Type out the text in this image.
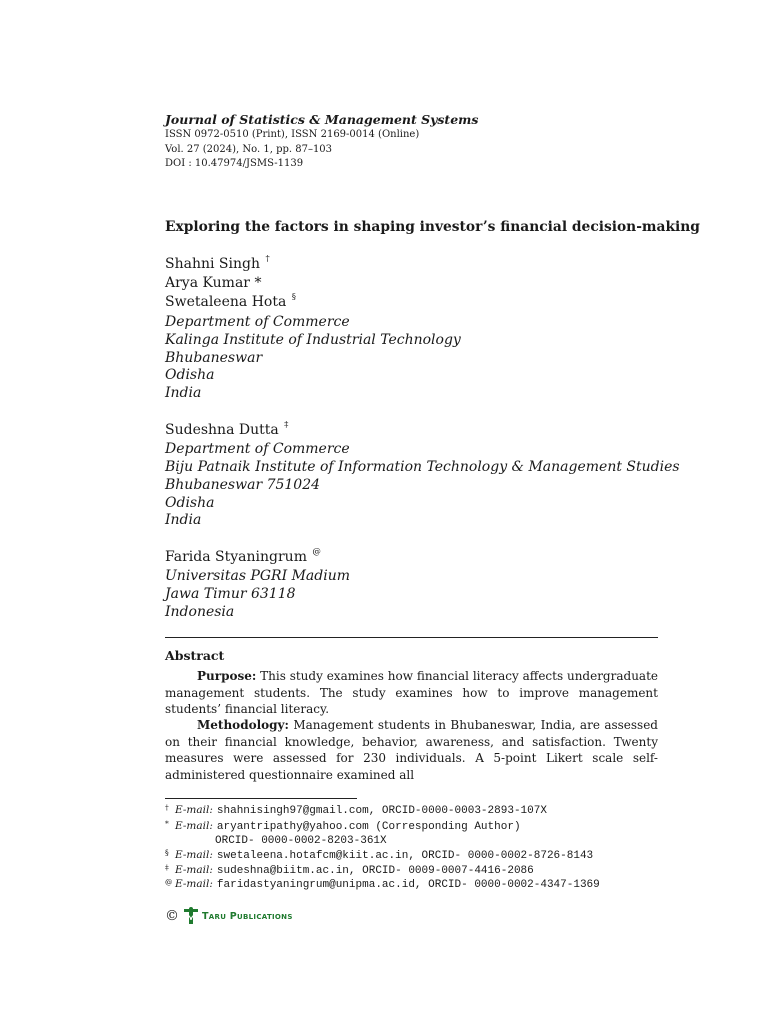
Journal of Statistics & Management Systems
ISSN 0972-0510 (Print), ISSN 2169-0014 (Online)
Vol. 27 (2024), No. 1, pp. 87–103
DOI : 10.47974/JSMS-1139
Exploring the factors in shaping investor’s financial decision-making
Shahni Singh †
Arya Kumar *
Swetaleena Hota §
Department of Commerce
Kalinga Institute of Industrial Technology
Bhubaneswar
Odisha
India
Sudeshna Dutta ‡
Department of Commerce
Biju Patnaik Institute of Information Technology & Management Studies
Bhubaneswar 751024
Odisha
India
Farida Styaningrum @
Universitas PGRI Madium
Jawa Timur 63118
Indonesia
Abstract

Purpose: This study examines how financial literacy affects undergraduate management students. The study examines how to improve management students’ financial literacy.

Methodology: Management students in Bhubaneswar, India, are assessed on their financial knowledge, behavior, awareness, and satisfaction. Twenty measures were assessed for 230 individuals. A 5-point Likert scale self-administered questionnaire examined all

† E-mail: shahnisingh97@gmail.com, ORCID-0000-0003-2893-107X
* E-mail: aryantripathy@yahoo.com (Corresponding Author)
ORCID- 0000-0002-8203-361X
§ E-mail: swetaleena.hotafcm@kiit.ac.in, ORCID- 0000-0002-8726-8143
‡ E-mail: sudeshna@biitm.ac.in, ORCID- 0009-0007-4416-2086
@ E-mail: faridastyaningrum@unipma.ac.id, ORCID- 0000-0002-4347-1369
© Taru Publications
